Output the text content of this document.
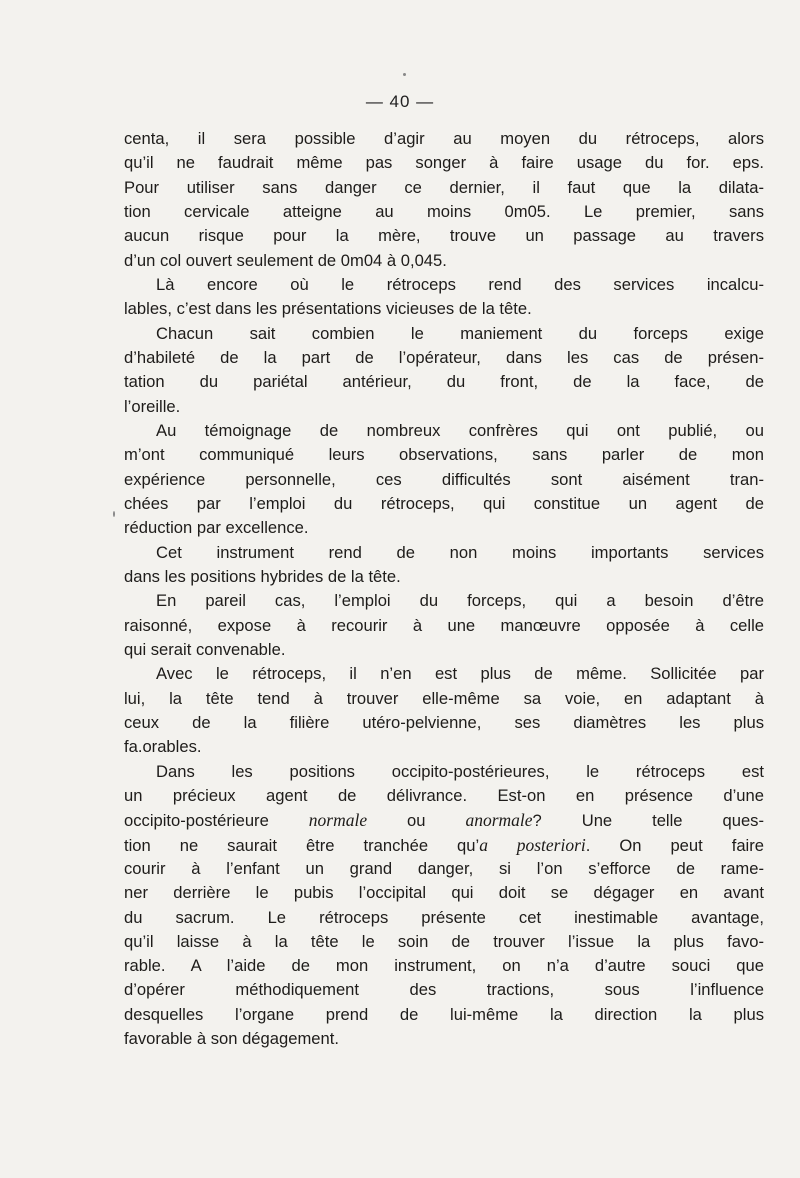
— 40 —
centa, il sera possible d’agir au moyen du rétroceps, alors
qu’il ne faudrait même pas songer à faire usage du for. eps.
Pour utiliser sans danger ce dernier, il faut que la dilata-
tion cervicale atteigne au moins 0m05. Le premier, sans
aucun risque pour la mère, trouve un passage au travers
d’un col ouvert seulement de 0m04 à 0,045.
Là encore où le rétroceps rend des services incalcu-
lables, c’est dans les présentations vicieuses de la tête.
Chacun sait combien le maniement du forceps exige
d’habileté de la part de l’opérateur, dans les cas de présen-
tation du pariétal antérieur, du front, de la face, de
l’oreille.
Au témoignage de nombreux confrères qui ont publié, ou
m’ont communiqué leurs observations, sans parler de mon
expérience personnelle, ces difficultés sont aisément tran-
chées par l’emploi du rétroceps, qui constitue un agent de
réduction par excellence.
Cet instrument rend de non moins importants services
dans les positions hybrides de la tête.
En pareil cas, l’emploi du forceps, qui a besoin d’être
raisonné, expose à recourir à une manœuvre opposée à celle
qui serait convenable.
Avec le rétroceps, il n’en est plus de même. Sollicitée par
lui, la tête tend à trouver elle-même sa voie, en adaptant à
ceux de la filière utéro-pelvienne, ses diamètres les plus
fa.orables.
Dans les positions occipito-postérieures, le rétroceps est
un précieux agent de délivrance. Est-on en présence d’une
occipito-postérieure normale ou anormale? Une telle ques-
tion ne saurait être tranchée qu’a posteriori. On peut faire
courir à l’enfant un grand danger, si l’on s’efforce de rame-
ner derrière le pubis l’occipital qui doit se dégager en avant
du sacrum. Le rétroceps présente cet inestimable avantage,
qu’il laisse à la tête le soin de trouver l’issue la plus favo-
rable. A l’aide de mon instrument, on n’a d’autre souci que
d’opérer méthodiquement des tractions, sous l’influence
desquelles l’organe prend de lui-même la direction la plus
favorable à son dégagement.
